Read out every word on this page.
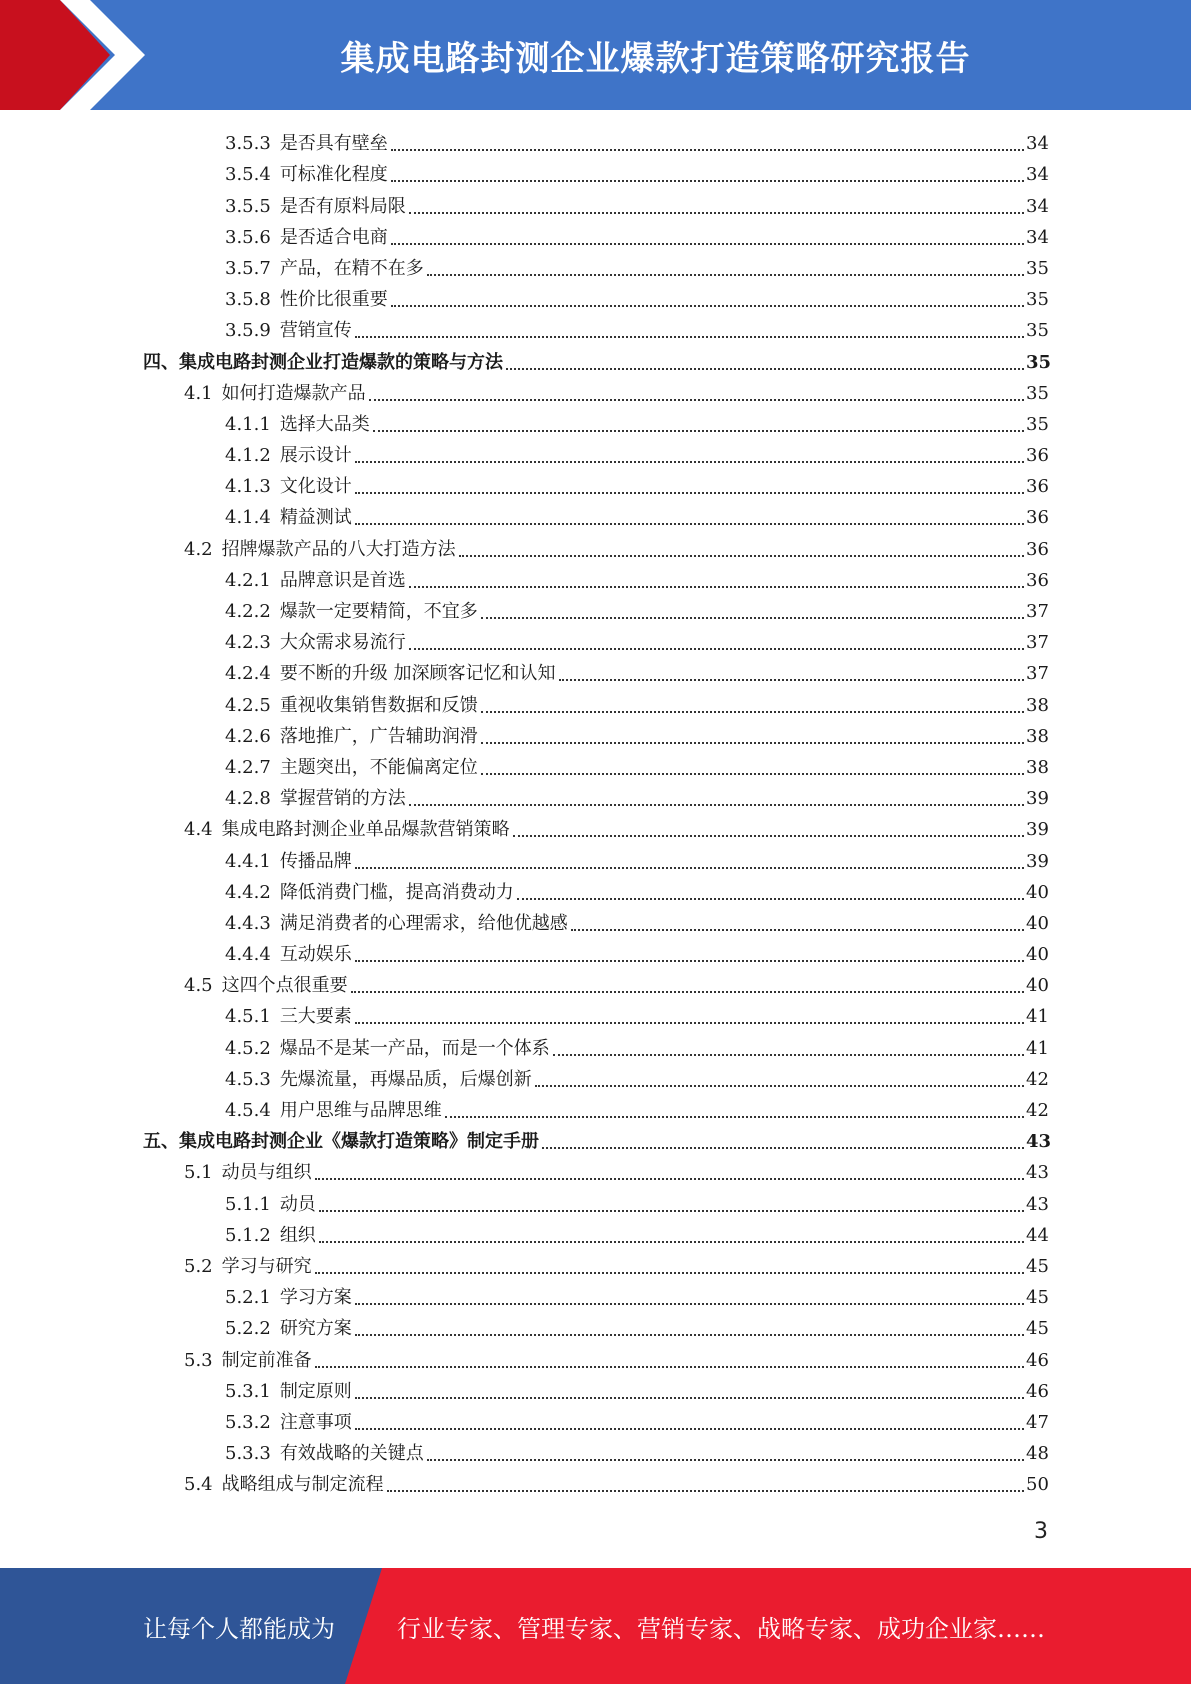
集成电路封测企业爆款打造策略研究报告
3.5.3 是否具有壁垒	34
3.5.4 可标准化程度	34
3.5.5 是否有原料局限	34
3.5.6 是否适合电商	34
3.5.7 产品，在精不在多	35
3.5.8 性价比很重要	35
3.5.9 营销宣传	35
四、集成电路封测企业打造爆款的策略与方法	35
4.1 如何打造爆款产品	35
4.1.1 选择大品类	35
4.1.2 展示设计	36
4.1.3 文化设计	36
4.1.4 精益测试	36
4.2 招牌爆款产品的八大打造方法	36
4.2.1 品牌意识是首选	36
4.2.2 爆款一定要精简，不宜多	37
4.2.3 大众需求易流行	37
4.2.4 要不断的升级 加深顾客记忆和认知	37
4.2.5 重视收集销售数据和反馈	38
4.2.6 落地推广，广告辅助润滑	38
4.2.7 主题突出，不能偏离定位	38
4.2.8 掌握营销的方法	39
4.4 集成电路封测企业单品爆款营销策略	39
4.4.1 传播品牌	39
4.4.2 降低消费门槛，提高消费动力	40
4.4.3 满足消费者的心理需求，给他优越感	40
4.4.4 互动娱乐	40
4.5 这四个点很重要	40
4.5.1 三大要素	41
4.5.2 爆品不是某一产品，而是一个体系	41
4.5.3 先爆流量，再爆品质，后爆创新	42
4.5.4 用户思维与品牌思维	42
五、集成电路封测企业《爆款打造策略》制定手册	43
5.1 动员与组织	43
5.1.1 动员	43
5.1.2 组织	44
5.2 学习与研究	45
5.2.1 学习方案	45
5.2.2 研究方案	45
5.3 制定前准备	46
5.3.1 制定原则	46
5.3.2 注意事项	47
5.3.3 有效战略的关键点	48
5.4 战略组成与制定流程	50
3
让每个人都能成为	行业专家、管理专家、营销专家、战略专家、成功企业家……
